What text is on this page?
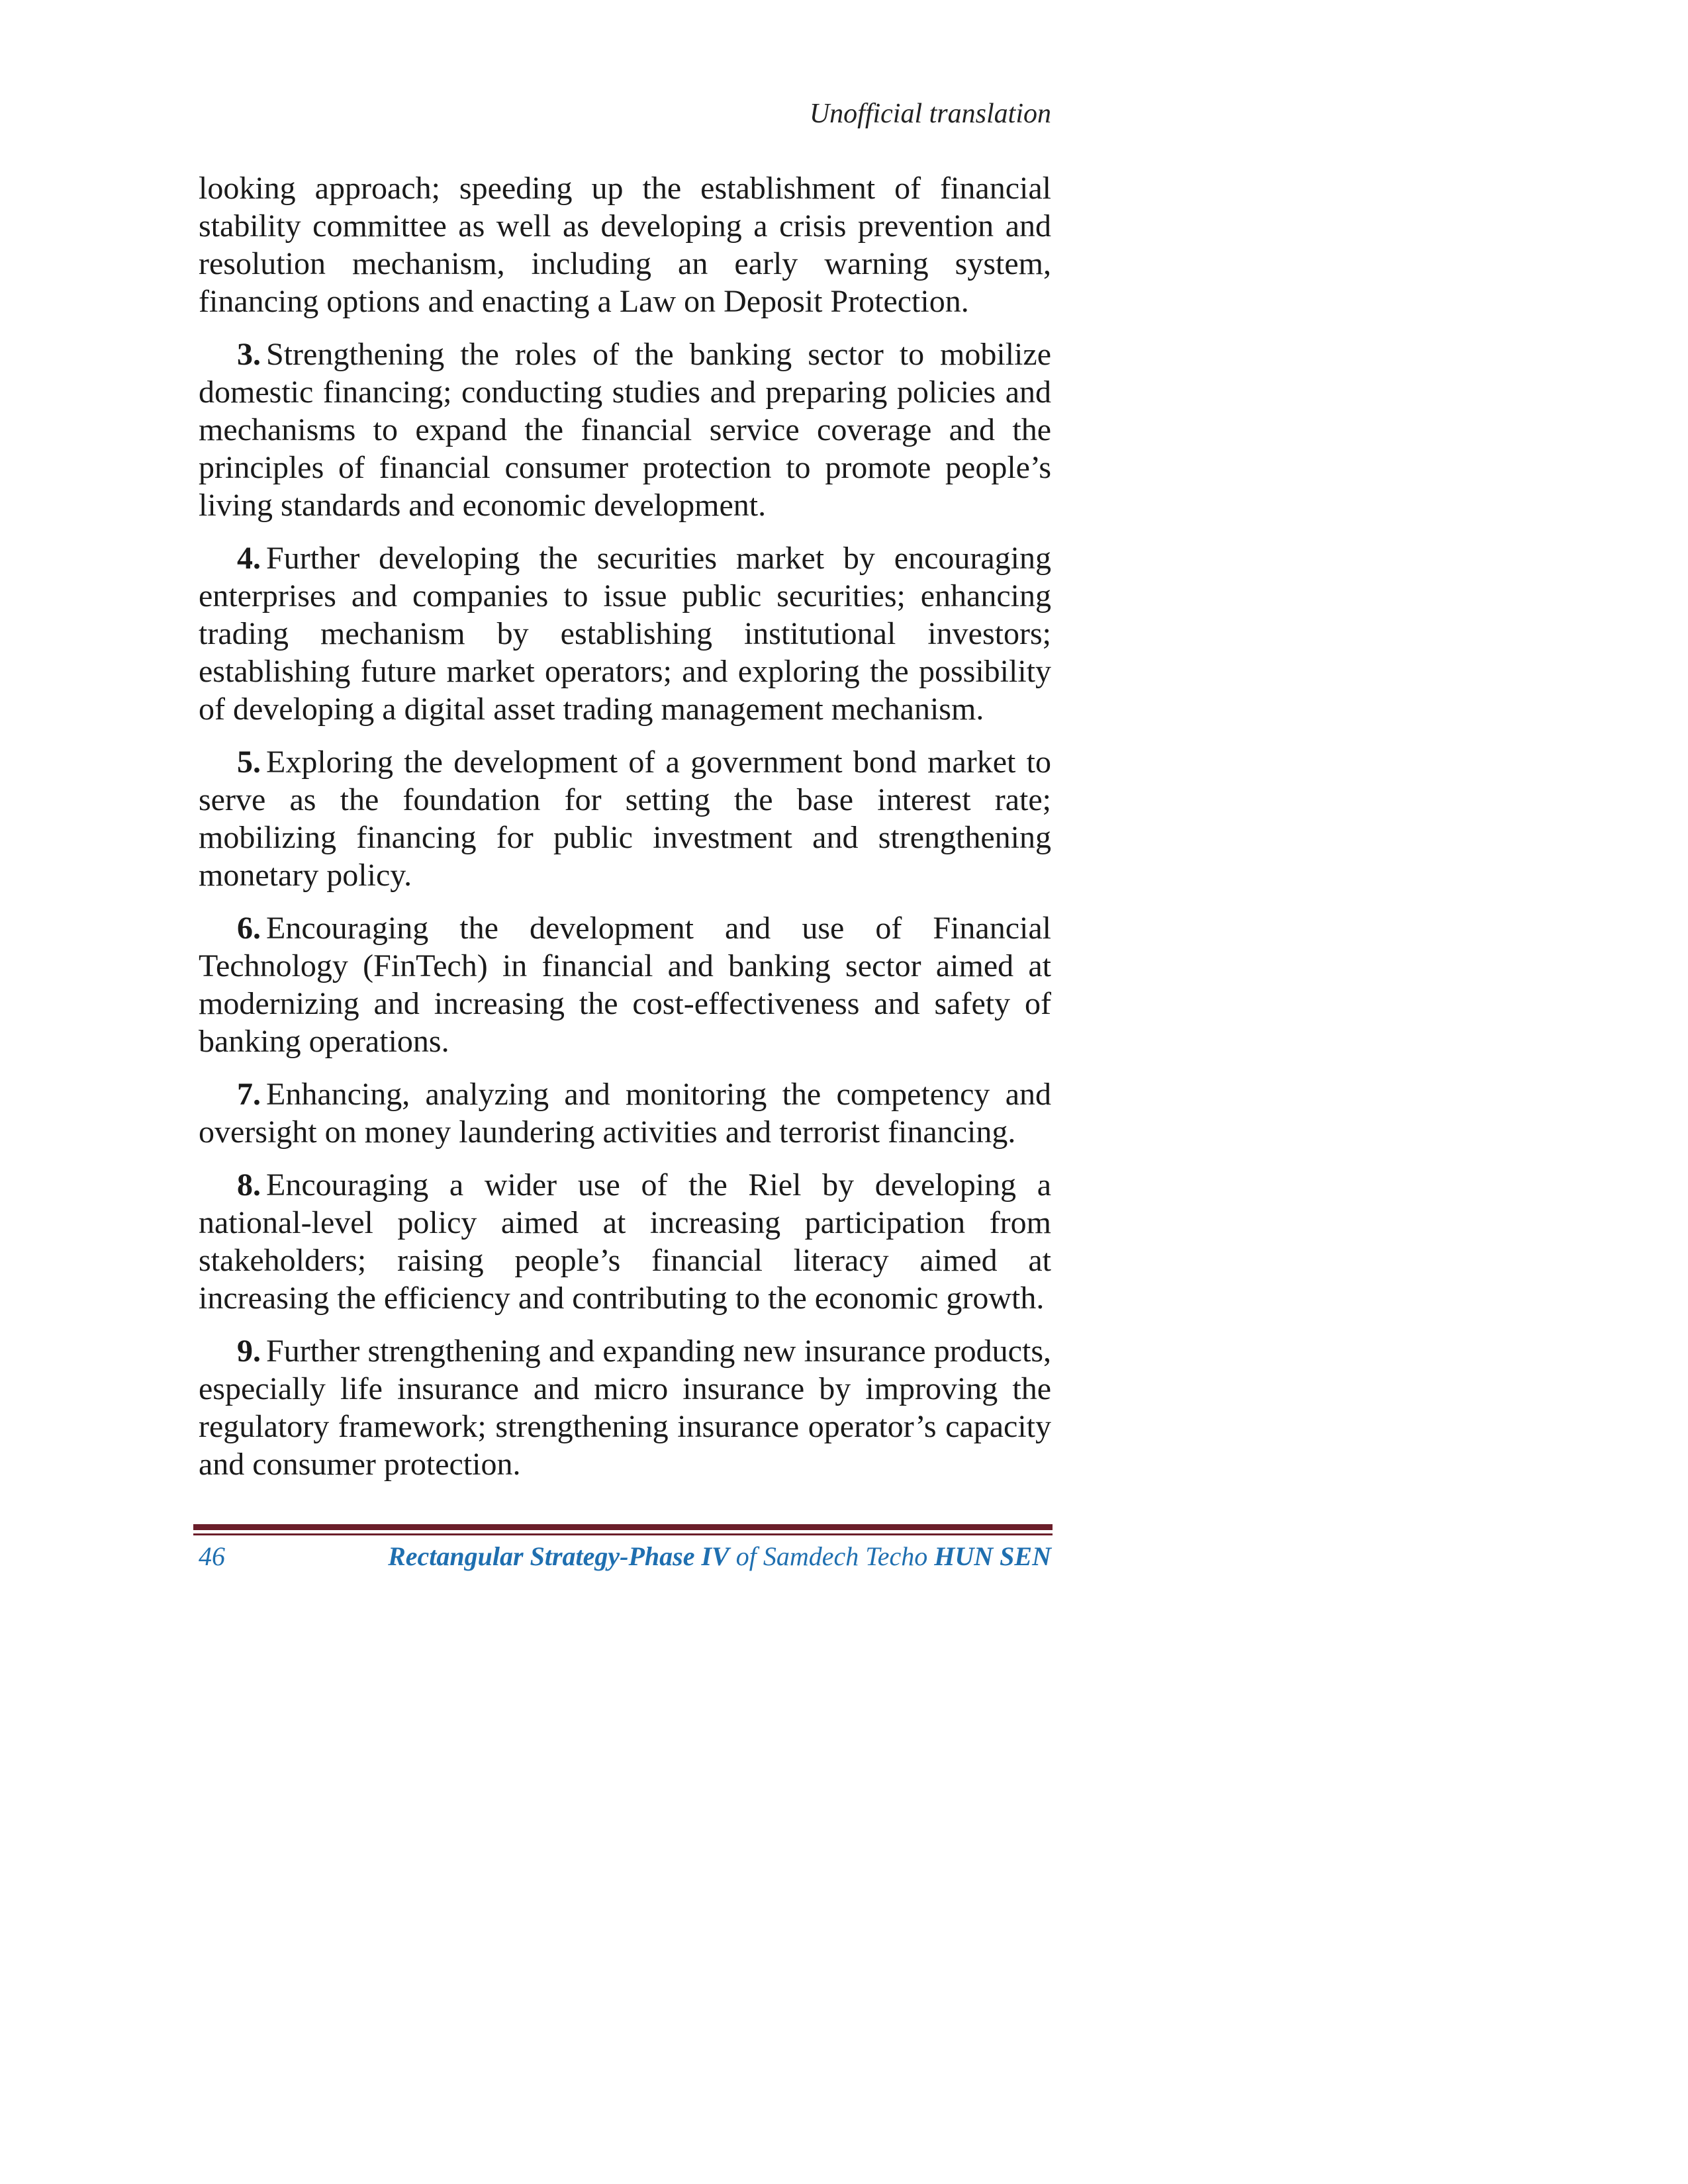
Unofficial translation

looking approach; speeding up the establishment of financial stability committee as well as developing a crisis prevention and resolution mechanism, including an early warning system, financing options and enacting a Law on Deposit Protection.

3. Strengthening the roles of the banking sector to mobilize domestic financing; conducting studies and preparing policies and mechanisms to expand the financial service coverage and the principles of financial consumer protection to promote people’s living standards and economic development.

4. Further developing the securities market by encouraging enterprises and companies to issue public securities; enhancing trading mechanism by establishing institutional investors; establishing future market operators; and exploring the possibility of developing a digital asset trading management mechanism.

5. Exploring the development of a government bond market to serve as the foundation for setting the base interest rate; mobilizing financing for public investment and strengthening monetary policy.

6. Encouraging the development and use of Financial Technology (FinTech) in financial and banking sector aimed at modernizing and increasing the cost-effectiveness and safety of banking operations.

7. Enhancing, analyzing and monitoring the competency and oversight on money laundering activities and terrorist financing.

8. Encouraging a wider use of the Riel by developing a national-level policy aimed at increasing participation from stakeholders; raising people’s financial literacy aimed at increasing the efficiency and contributing to the economic growth.

9. Further strengthening and expanding new insurance products, especially life insurance and micro insurance by improving the regulatory framework; strengthening insurance operator’s capacity and consumer protection.

46	Rectangular Strategy-Phase IV of Samdech Techo HUN SEN
